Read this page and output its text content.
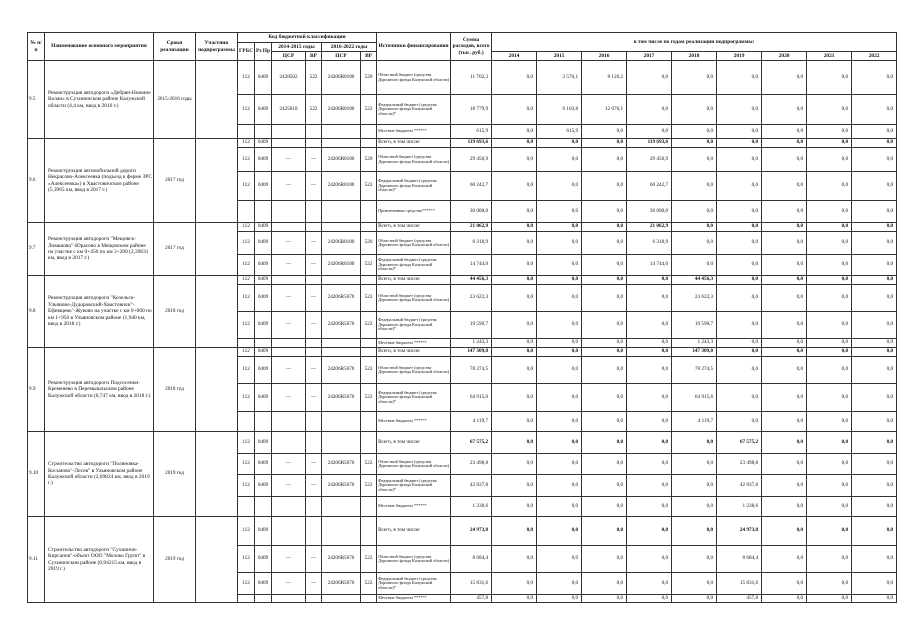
№ п/п	Наименование основного мероприятия	Сроки реализации	Участник подпрограммы	Код бюджетной классификации						Источники финансирования	Сумма расходов, всего (тыс. руб.)	в том числе по годам реализации подпрограммы:								
				ГРБС	Рз Пр	2014-2015 годы		2016-2022 годы												
						ЦСР	ВР	ЦСР	ВР			2014	2015	2016	2017	2018	2019	2020	2021	2022
9.5	Реконструкция автодороги «Дебрян-Нижние Волан» в Сухиничском районе Калужской области (4,4 км, ввод в 2016 г.)	2015-2016 годы		112	0409	2428502	522	24206R0180	520	Областной бюджет (средства Дорожного фонда Калужской области)	11 702,3	0,0	3 576,1	8 126,2	0,0	0,0	0,0	0,0	0,0	0,0
				112	0409	2425018	522	24206R0180	522	Федеральный бюджет (средства Дорожного фонда Калужской области)*	18 779,9	0,0	6 103,8	12 676,1	0,0	0,0	0,0	0,0	0,0	0,0
										Местные бюджеты ******	615,9	0,0	615,9	0,0	0,0	0,0	0,0	0,0	0,0	0,0
9.6	Реконструкция автомобильной дороги Некрасово-Алексеевка (подъезд к ферме ЗРС «Алексеевка») в Хвастовичском районе (5,3965 км, ввод в 2017 г.)	2017 год		112	0409					Всего, в том числе:	119 693,6	0,0	0,0	0,0	119 693,6	0,0	0,0	0,0	0,0	0,0
				112	0409	—	—	24206R0180	520	Областной бюджет (средства Дорожного фонда Калужской области)	29 450,9	0,0	0,0	0,0	29 450,9	0,0	0,0	0,0	0,0	0,0
				112	0409	—	—	24206R0180	522	Федеральный бюджет (средства Дорожного фонда Калужской области)*	60 242,7	0,0	0,0	0,0	60 242,7	0,0	0,0	0,0	0,0	0,0
										Привлеченные средства******	30 000,0	0,0	0,0	0,0	30 000,0	0,0	0,0	0,0	0,0	0,0
9.7	Реконструкция автодороги "Мещовск-Ловашово"-Юрасово в Мещовском районе на участке с км 0+450 по км 3+200 (2,39631 км, ввод в 2017 г.)	2017 год		112	0409					Всего, в том числе:	21 062,9	0,0	0,0	0,0	21 062,9	0,0	0,0	0,0	0,0	0,0
				112	0409	—	—	24206R0180	520	Областной бюджет (средства Дорожного фонда Калужской области)	6 318,9	0,0	0,0	0,0	6 318,9	0,0	0,0	0,0	0,0	0,0
				112	0409	—	—	24206R0180	522	Федеральный бюджет (средства Дорожного фонда Калужской области)*	14 744,0	0,0	0,0	0,0	14 744,0	0,0	0,0	0,0	0,0	0,0
9.8	Реконструкция автодороги "Козельск-Ульяново-Дудоровский-Хвастовичи"-Ефимцево"-Жуково на участке с км 0+000 по км 1+950 в Ульяновском районе (1,940 км, ввод в 2018 г.)	2018 год		112	0409					Всего, в том числе:	44 456,3	0,0	0,0	0,0	0,0	44 456,3	0,0	0,0	0,0	0,0
				112	0409	—	—	24206R5670	522	Областной бюджет (средства Дорожного фонда Калужской области)	23 622,3	0,0	0,0	0,0	0,0	23 622,3	0,0	0,0	0,0	0,0
				112	0409	—	—	24206R5670	522	Федеральный бюджет (средства Дорожного фонда Калужской области)*	19 590,7	0,0	0,0	0,0	0,0	19 590,7	0,0	0,0	0,0	0,0
										Местные бюджеты ******	1 243,3	0,0	0,0	0,0	0,0	1 243,3	0,0	0,0	0,0	0,0
9.9	Реконструкция автодороги Подсосенки-Кременево в Перемышльском районе Калужской области (0,747 км, ввод в 2018 г.)	2018 год		112	0409					Всего, в том числе:	147 309,8	0,0	0,0	0,0	0,0	147 309,8	0,0	0,0	0,0	0,0
				112	0409	—	—	24206R5670	522	Областной бюджет (средства Дорожного фонда Калужской области)	78 274,5	0,0	0,0	0,0	0,0	78 274,5	0,0	0,0	0,0	0,0
				112	0409	—	—	24206R5670	522	Федеральный бюджет (средства Дорожного фонда Калужской области)*	64 915,6	0,0	0,0	0,0	0,0	64 915,6	0,0	0,0	0,0	0,0
										Местные бюджеты ******	4 119,7	0,0	0,0	0,0	0,0	4 119,7	0,0	0,0	0,0	0,0
9.10	Строительство автодороги "Поляновка-Косьмово"-Лосев" в Ульяновском районе Калужской области (2,09824 км, ввод в 2019 г.)	2019 год		112	0409					Всего, в том числе:	67 575,2	0,0	0,0	0,0	0,0	0,0	67 575,2	0,0	0,0	0,0
				112	0409	—	—	24206R5670	522	Областной бюджет (средства Дорожного фонда Калужской области)	23 498,8	0,0	0,0	0,0	0,0	0,0	23 498,8	0,0	0,0	0,0
				112	0409	—	—	24206R5670	522	Федеральный бюджет (средства Дорожного фонда Калужской области)*	42 837,8	0,0	0,0	0,0	0,0	0,0	42 837,8	0,0	0,0	0,0
										Местные бюджеты ******	1 238,6	0,0	0,0	0,0	0,0	0,0	1 238,6	0,0	0,0	0,0
9.11	Строительство автодороги "Сухиничи-Кирсанов"-объект ООО "Молоко Групп" в Сухиничском районе (0,94215 км, ввод в 2019 г.)	2019 год		112	0409					Всего, в том числе:	24 973,8	0,0	0,0	0,0	0,0	0,0	24 973,8	0,0	0,0	0,0
				112	0409	—	—	24206R5670	522	Областной бюджет (средства Дорожного фонда Калужской области)	8 684,4	0,0	0,0	0,0	0,0	0,0	8 684,4	0,0	0,0	0,0
				112	0409	—	—	24206R5670	522	Федеральный бюджет (средства Дорожного фонда Калужской области)*	15 831,6	0,0	0,0	0,0	0,0	0,0	15 831,6	0,0	0,0	0,0
										Местные бюджеты ******	457,8	0,0	0,0	0,0	0,0	0,0	457,8	0,0	0,0	0,0
